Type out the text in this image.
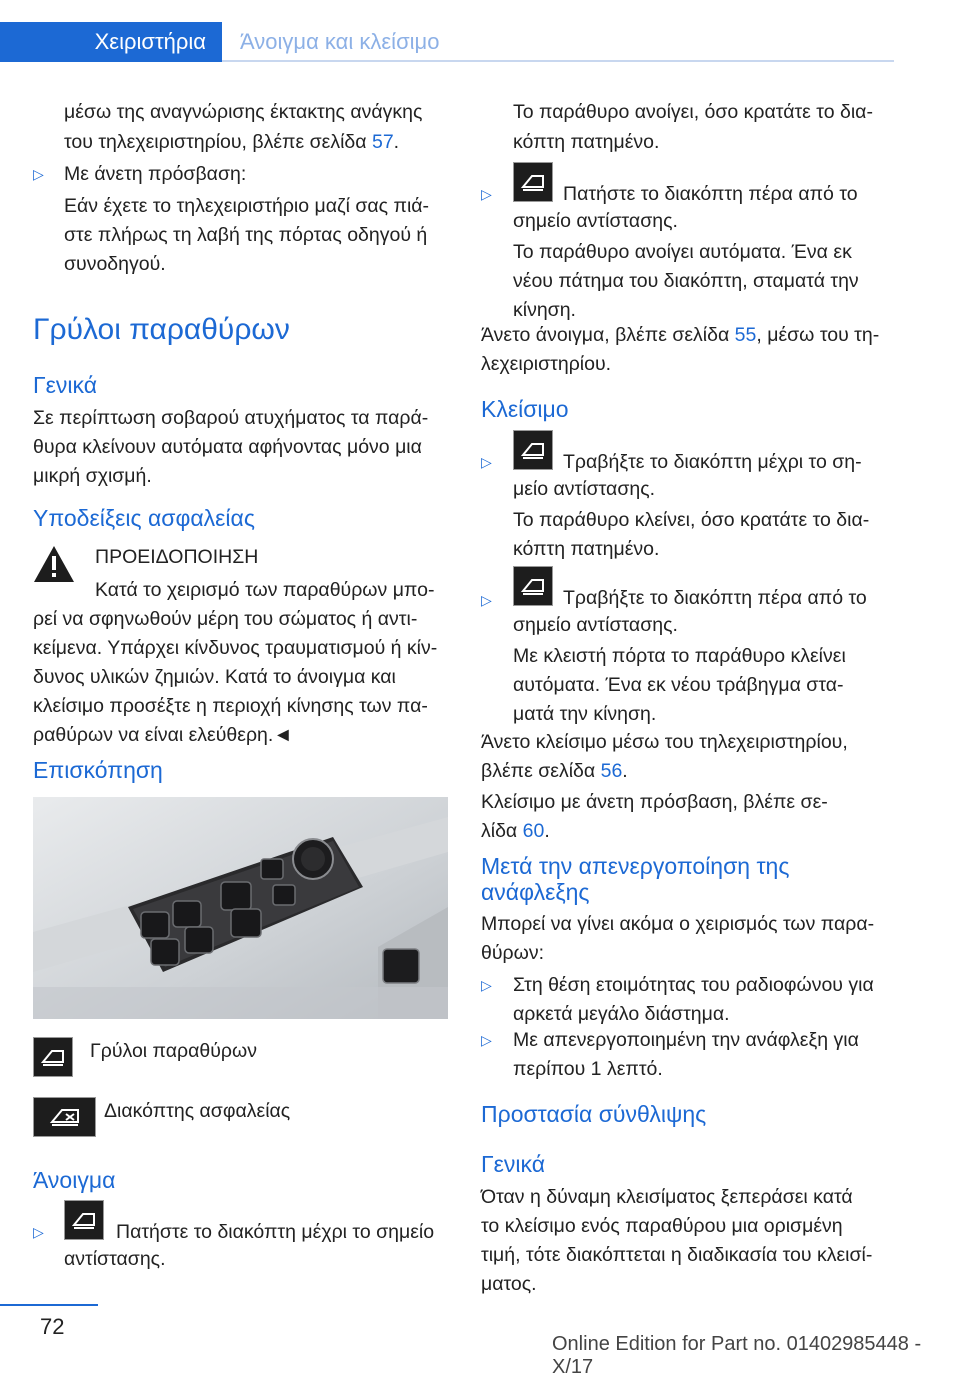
Χειριστήρια	Άνοιγμα και κλείσιμο
μέσω της αναγνώρισης έκτακτης ανάγκης
του τηλεχειριστηρίου, βλέπε σελίδα 57.
▷ Με άνετη πρόσβαση:
Εάν έχετε το τηλεχειριστήριο μαζί σας πιά‐
στε πλήρως τη λαβή της πόρτας οδηγού ή
συνοδηγού.
Γρύλοι παραθύρων
Γενικά
Σε περίπτωση σοβαρού ατυχήματος τα παρά‐
θυρα κλείνουν αυτόματα αφήνοντας μόνο μια
μικρή σχισμή.
Υποδείξεις ασφαλείας
ΠΡΟΕΙΔΟΠΟΙΗΣΗ
Κατά το χειρισμό των παραθύρων μπο‐
ρεί να σφηνωθούν μέρη του σώματος ή αντι‐
κείμενα. Υπάρχει κίνδυνος τραυματισμού ή κίν‐
δυνος υλικών ζημιών. Κατά το άνοιγμα και
κλείσιμο προσέξτε η περιοχή κίνησης των πα‐
ραθύρων να είναι ελεύθερη.◄
Επισκόπηση
Γρύλοι παραθύρων
Διακόπτης ασφαλείας
Άνοιγμα
▷	Πατήστε το διακόπτη μέχρι το σημείο
αντίστασης.
Το παράθυρο ανοίγει, όσο κρατάτε το δια‐
κόπτη πατημένο.
▷	Πατήστε το διακόπτη πέρα από το
σημείο αντίστασης.
Το παράθυρο ανοίγει αυτόματα. Ένα εκ
νέου πάτημα του διακόπτη, σταματά την
κίνηση.
Άνετο άνοιγμα, βλέπε σελίδα 55, μέσω του τη‐
λεχειριστηρίου.
Κλείσιμο
▷	Τραβήξτε το διακόπτη μέχρι το ση‐
μείο αντίστασης.
Το παράθυρο κλείνει, όσο κρατάτε το δια‐
κόπτη πατημένο.
▷	Τραβήξτε το διακόπτη πέρα από το
σημείο αντίστασης.
Με κλειστή πόρτα το παράθυρο κλείνει
αυτόματα. Ένα εκ νέου τράβηγμα στα‐
ματά την κίνηση.
Άνετο κλείσιμο μέσω του τηλεχειριστηρίου,
βλέπε σελίδα 56.
Κλείσιμο με άνετη πρόσβαση, βλέπε σε‐
λίδα 60.
Μετά την απενεργοποίηση της
ανάφλεξης
Μπορεί να γίνει ακόμα ο χειρισμός των παρα‐
θύρων:
▷ Στη θέση ετοιμότητας του ραδιοφώνου για
αρκετά μεγάλο διάστημα.
▷ Με απενεργοποιημένη την ανάφλεξη για
περίπου 1 λεπτό.
Προστασία σύνθλιψης
Γενικά
Όταν η δύναμη κλεισίματος ξεπεράσει κατά
το κλείσιμο ενός παραθύρου μια ορισμένη
τιμή, τότε διακόπτεται η διαδικασία του κλεισί‐
ματος.
72
Online Edition for Part no. 01402985448 - X/17
